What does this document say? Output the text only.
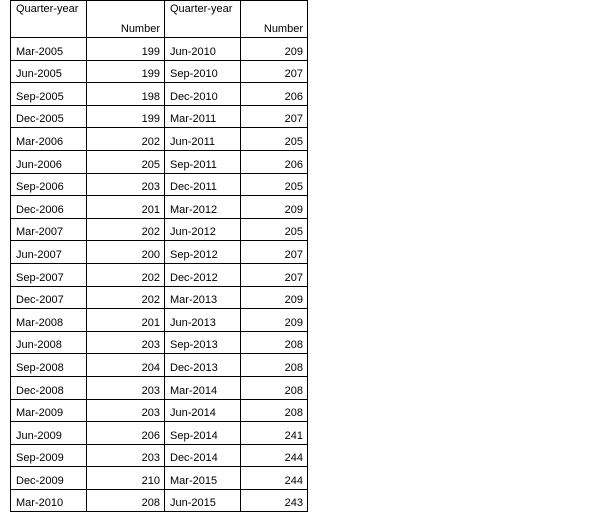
Quarter-year	Number	Quarter-year	Number
Mar-2005	199	Jun-2010	209
Jun-2005	199	Sep-2010	207
Sep-2005	198	Dec-2010	206
Dec-2005	199	Mar-2011	207
Mar-2006	202	Jun-2011	205
Jun-2006	205	Sep-2011	206
Sep-2006	203	Dec-2011	205
Dec-2006	201	Mar-2012	209
Mar-2007	202	Jun-2012	205
Jun-2007	200	Sep-2012	207
Sep-2007	202	Dec-2012	207
Dec-2007	202	Mar-2013	209
Mar-2008	201	Jun-2013	209
Jun-2008	203	Sep-2013	208
Sep-2008	204	Dec-2013	208
Dec-2008	203	Mar-2014	208
Mar-2009	203	Jun-2014	208
Jun-2009	206	Sep-2014	241
Sep-2009	203	Dec-2014	244
Dec-2009	210	Mar-2015	244
Mar-2010	208	Jun-2015	243
